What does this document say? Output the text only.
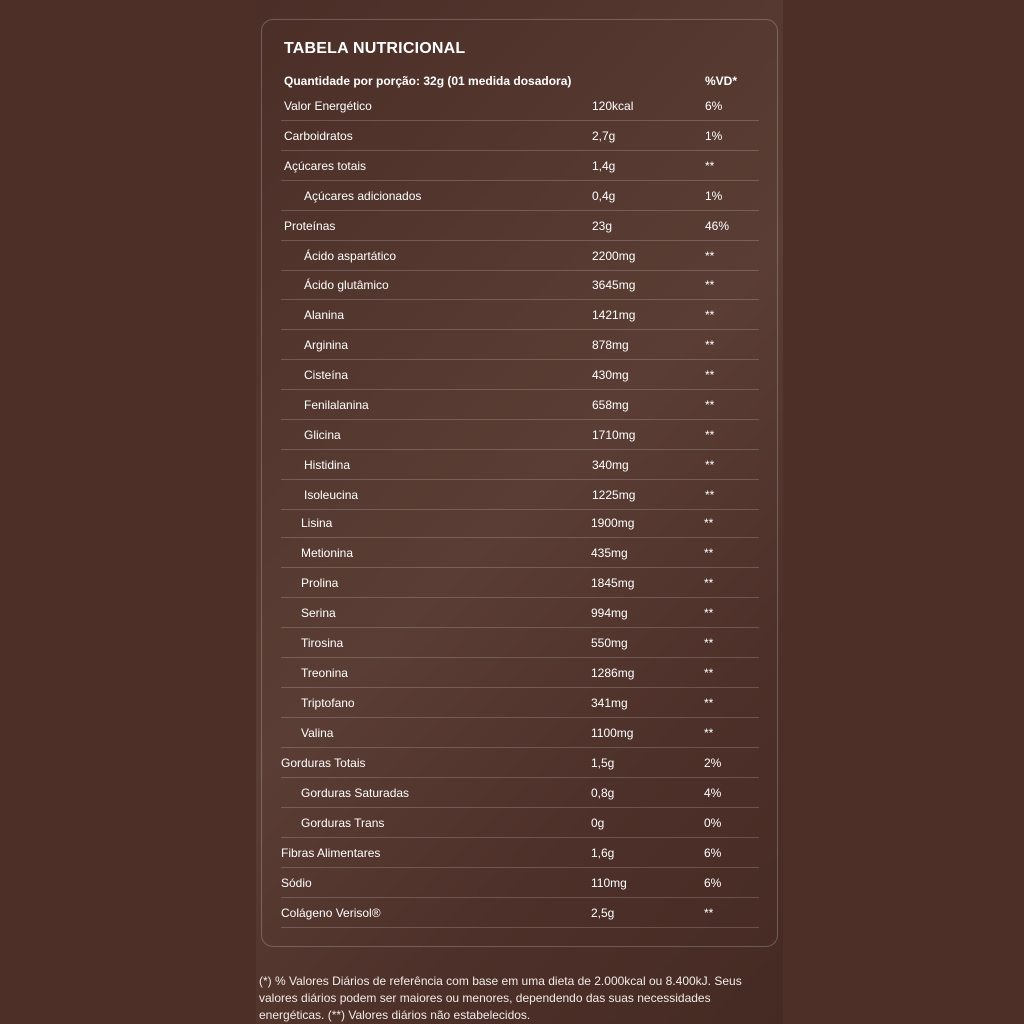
TABELA NUTRICIONAL
Quantidade por porção: 32g (01 medida dosadora)	%VD*
Valor Energético	120kcal	6%
Carboidratos	2,7g	1%
Açúcares totais	1,4g	**
Açúcares adicionados	0,4g	1%
Proteínas	23g	46%
Ácido aspartático	2200mg	**
Ácido glutâmico	3645mg	**
Alanina	1421mg	**
Arginina	878mg	**
Cisteína	430mg	**
Fenilalanina	658mg	**
Glicina	1710mg	**
Histidina	340mg	**
Isoleucina	1225mg	**
Lisina	1900mg	**
Metionina	435mg	**
Prolina	1845mg	**
Serina	994mg	**
Tirosina	550mg	**
Treonina	1286mg	**
Triptofano	341mg	**
Valina	1100mg	**
Gorduras Totais	1,5g	2%
Gorduras Saturadas	0,8g	4%
Gorduras Trans	0g	0%
Fibras Alimentares	1,6g	6%
Sódio	110mg	6%
Colágeno Verisol®	2,5g	**
(*) % Valores Diários de referência com base em uma dieta de 2.000kcal ou 8.400kJ. Seus valores diários podem ser maiores ou menores, dependendo das suas necessidades energéticas. (**) Valores diários não estabelecidos.
